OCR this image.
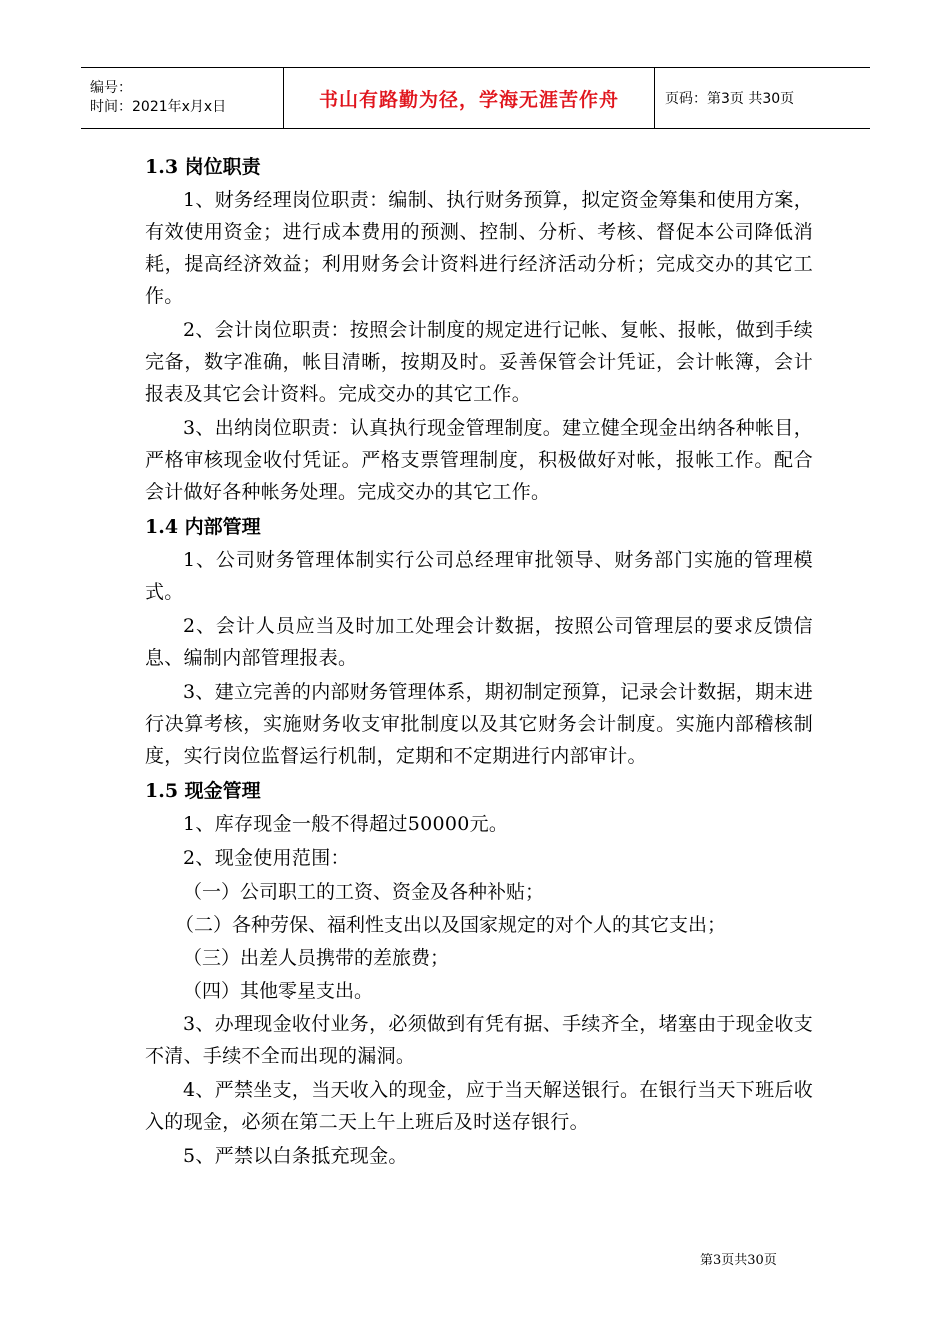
编号：
时间：2021年x月x日	书山有路勤为径，学海无涯苦作舟	页码：第3页 共30页
1.3 岗位职责

1、财务经理岗位职责：编制、执行财务预算，拟定资金筹集和使用方案，有效使用资金；进行成本费用的预测、控制、分析、考核、督促本公司降低消耗，提高经济效益；利用财务会计资料进行经济活动分析；完成交办的其它工作。

2、会计岗位职责：按照会计制度的规定进行记帐、复帐、报帐，做到手续完备，数字准确，帐目清晰，按期及时。妥善保管会计凭证，会计帐簿，会计报表及其它会计资料。完成交办的其它工作。

3、出纳岗位职责：认真执行现金管理制度。建立健全现金出纳各种帐目，严格审核现金收付凭证。严格支票管理制度，积极做好对帐，报帐工作。配合会计做好各种帐务处理。完成交办的其它工作。

1.4 内部管理

1、公司财务管理体制实行公司总经理审批领导、财务部门实施的管理模式。

2、会计人员应当及时加工处理会计数据，按照公司管理层的要求反馈信息、编制内部管理报表。

3、建立完善的内部财务管理体系，期初制定预算，记录会计数据，期末进行决算考核，实施财务收支审批制度以及其它财务会计制度。实施内部稽核制度，实行岗位监督运行机制，定期和不定期进行内部审计。

1.5 现金管理

1、库存现金一般不得超过50000元。

2、现金使用范围：

（一）公司职工的工资、资金及各种补贴；
（二）各种劳保、福利性支出以及国家规定的对个人的其它支出；
（三）出差人员携带的差旅费；
（四）其他零星支出。

3、办理现金收付业务，必须做到有凭有据、手续齐全，堵塞由于现金收支不清、手续不全而出现的漏洞。

4、严禁坐支，当天收入的现金，应于当天解送银行。在银行当天下班后收入的现金，必须在第二天上午上班后及时送存银行。

5、严禁以白条抵充现金。

第3页共30页
